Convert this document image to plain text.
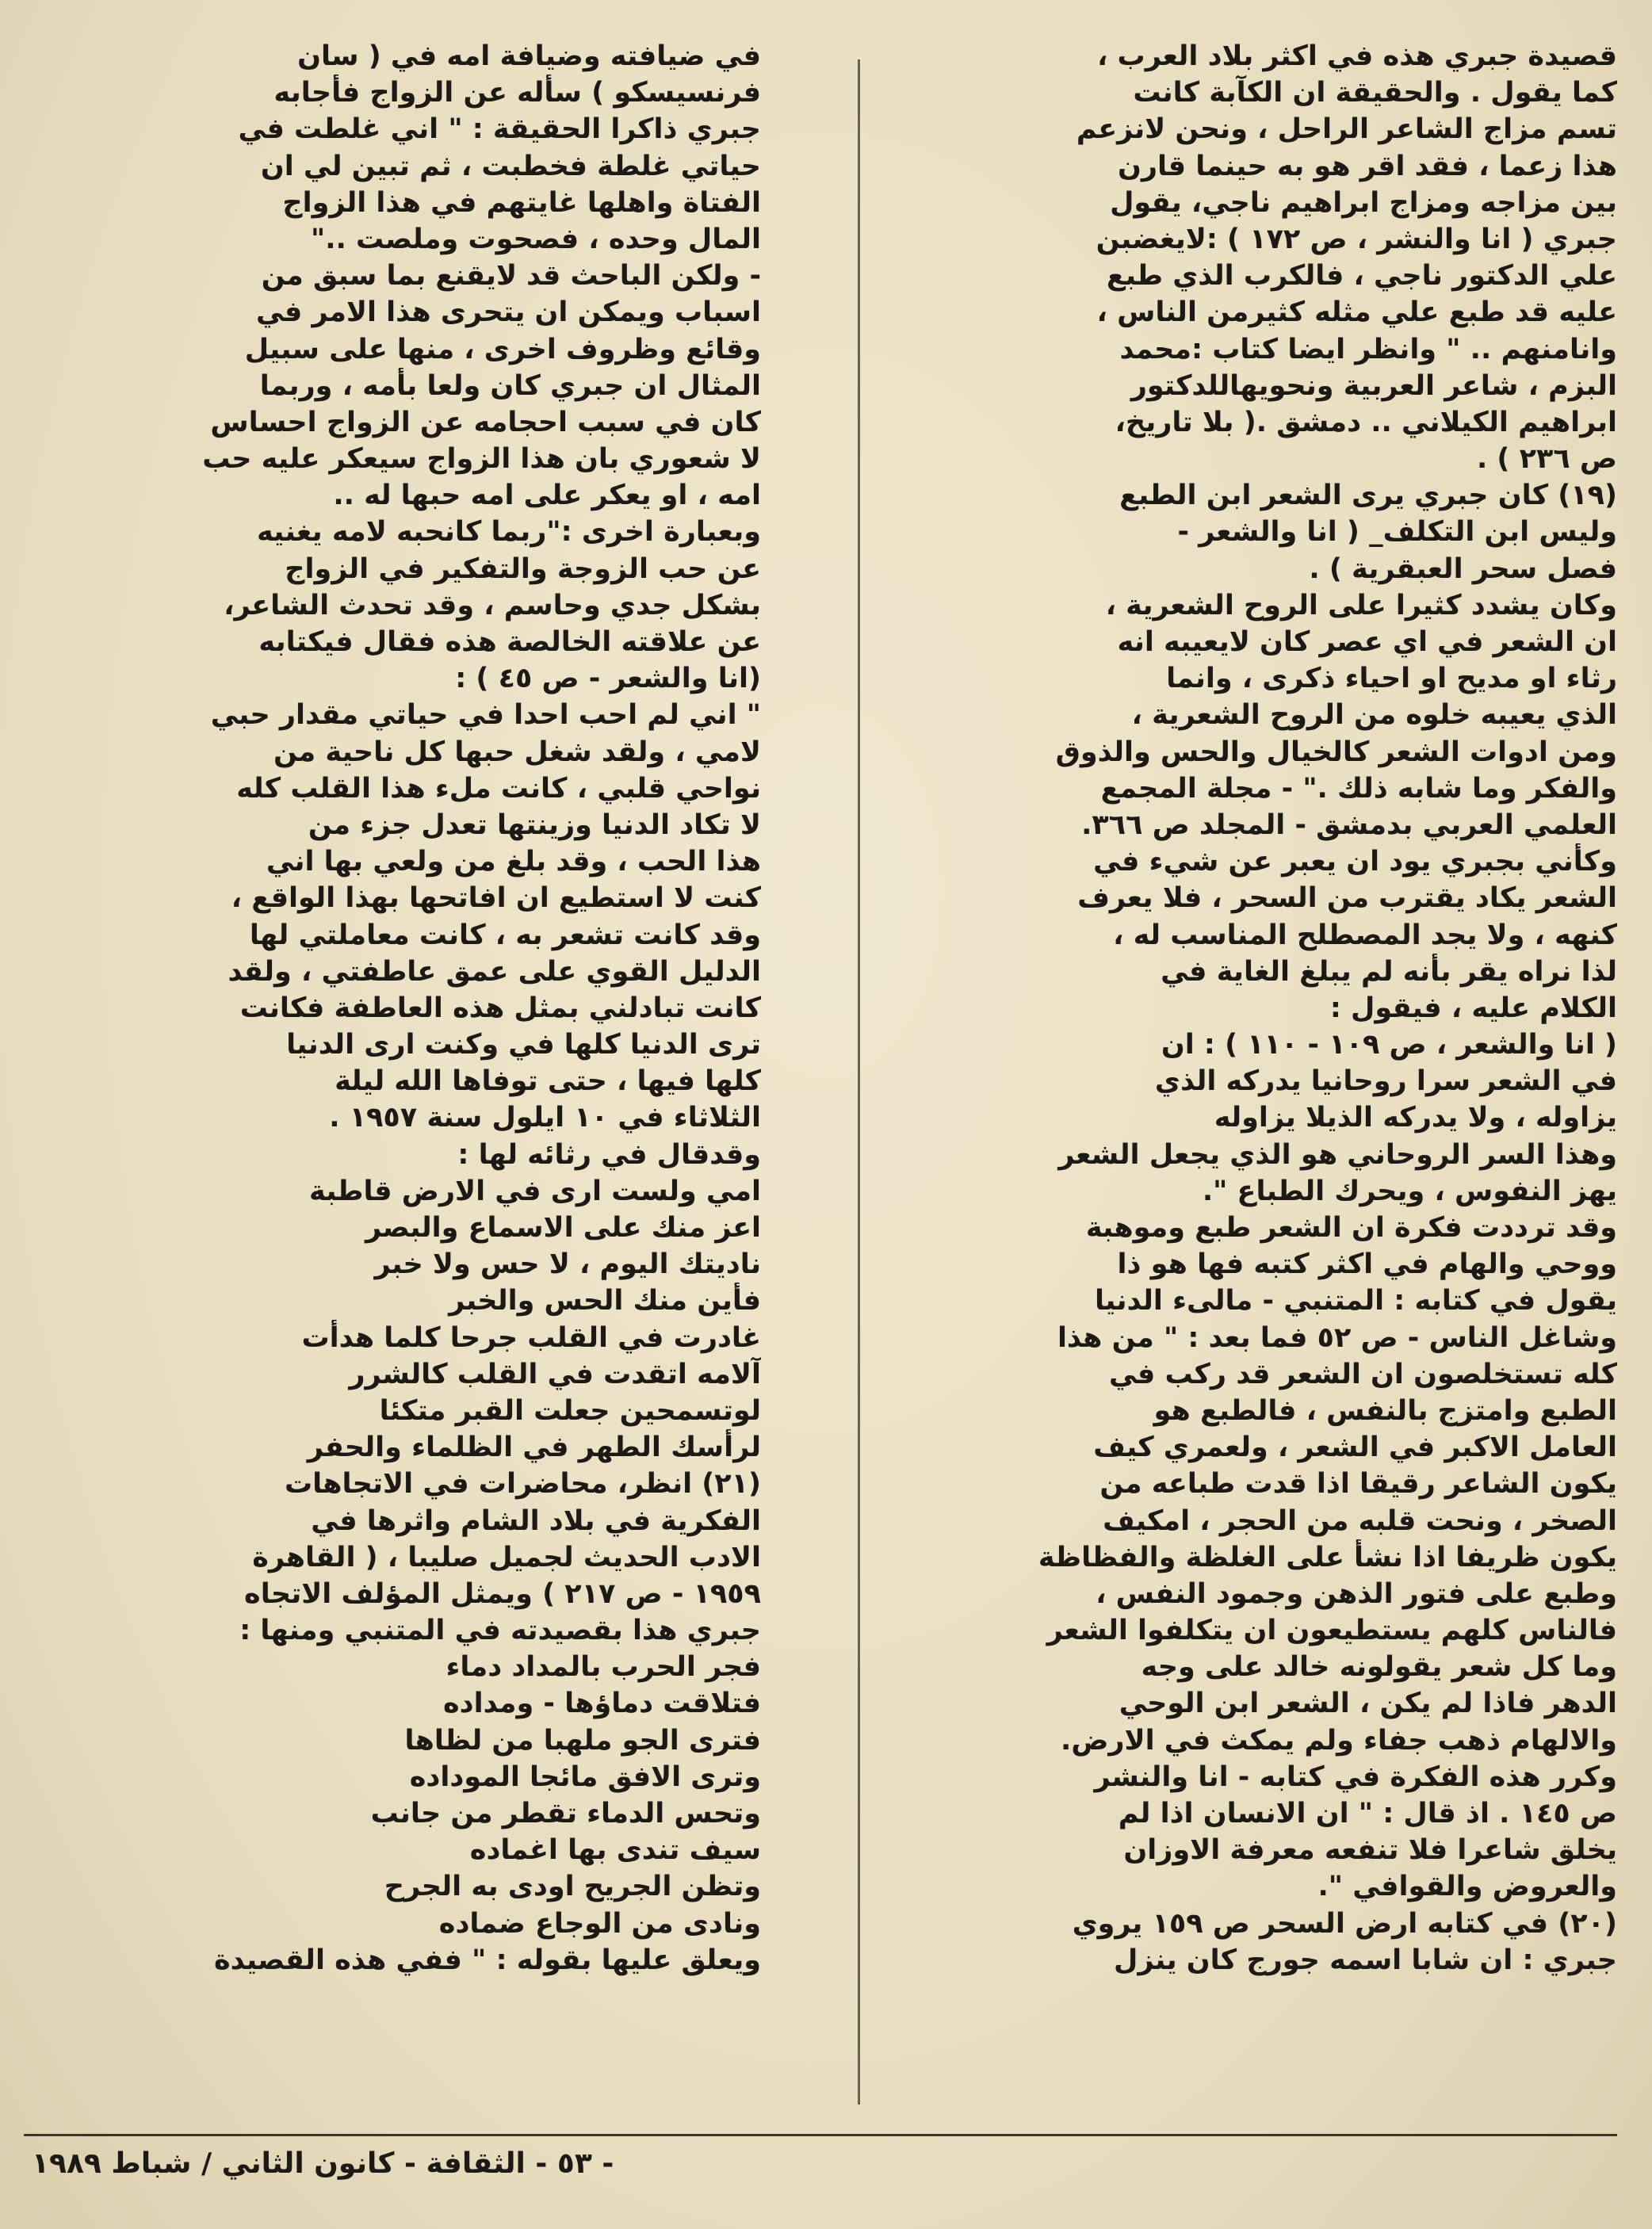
قصيدة جبري هذه في اكثر بلاد العرب ،
كما يقول . والحقيقة ان الكآبة كانت
تسم مزاج الشاعر الراحل ، ونحن لانزعم
هذا زعما ، فقد اقر هو به حينما قارن
بين مزاجه ومزاج ابراهيم ناجي، يقول
جبري ( انا والنشر ، ص ١٧٢ ) :لايغضبن
علي الدكتور ناجي ، فالكرب الذي طبع
عليه قد طبع علي مثله كثيرمن الناس ،
وانامنهم .. " وانظر ايضا كتاب :محمد
البزم ، شاعر العربية ونحويهاللدكتور
ابراهيم الكيلاني .. دمشق .( بلا تاريخ،
ص ٢٣٦ ) .
(١٩) كان جبري يرى الشعر ابن الطبع
وليس ابن التكلف_ ( انا والشعر -
فصل سحر العبقرية ) .
وكان يشدد كثيرا على الروح الشعرية ،
ان الشعر في اي عصر كان لايعيبه انه
رثاء او مديح او احياء ذكرى ، وانما
الذي يعيبه خلوه من الروح الشعرية ،
ومن ادوات الشعر كالخيال والحس والذوق
والفكر وما شابه ذلك ." - مجلة المجمع
العلمي العربي بدمشق - المجلد ص ٣٦٦.
وكأني بجبري يود ان يعبر عن شيء في
الشعر يكاد يقترب من السحر ، فلا يعرف
كنهه ، ولا يجد المصطلح المناسب له ،
لذا نراه يقر بأنه لم يبلغ الغاية في
الكلام عليه ، فيقول :
( انا والشعر ، ص ١٠٩ - ١١٠ ) : ان
في الشعر سرا روحانيا يدركه الذي
يزاوله ، ولا يدركه الذيلا يزاوله
وهذا السر الروحاني هو الذي يجعل الشعر
يهز النفوس ، ويحرك الطباع ".
وقد ترددت فكرة ان الشعر طبع وموهبة
ووحي والهام في اكثر كتبه فها هو ذا
يقول في كتابه : المتنبي - مالىء الدنيا
وشاغل الناس - ص ٥٢ فما بعد : " من هذا
كله تستخلصون ان الشعر قد ركب في
الطبع وامتزج بالنفس ، فالطبع هو
العامل الاكبر في الشعر ، ولعمري كيف
يكون الشاعر رقيقا اذا قدت طباعه من
الصخر ، ونحت قلبه من الحجر ، امكيف
يكون ظريفا اذا نشأ على الغلظة والفظاظة
وطبع على فتور الذهن وجمود النفس ،
فالناس كلهم يستطيعون ان يتكلفوا الشعر
وما كل شعر يقولونه خالد على وجه
الدهر فاذا لم يكن ، الشعر ابن الوحي
والالهام ذهب جفاء ولم يمكث في الارض.
وكرر هذه الفكرة في كتابه - انا والنشر
ص ١٤٥ . اذ قال : " ان الانسان اذا لم
يخلق شاعرا فلا تنفعه معرفة الاوزان
والعروض والقوافي ".
(٢٠) في كتابه ارض السحر ص ١٥٩ يروي
جبري : ان شابا اسمه جورج كان ينزل
في ضيافته وضيافة امه في ( سان
فرنسيسكو ) سأله عن الزواج فأجابه
جبري ذاكرا الحقيقة : " اني غلطت في
حياتي غلطة فخطبت ، ثم تبين لي ان
الفتاة واهلها غايتهم في هذا الزواج
المال وحده ، فصحوت وملصت .."
- ولكن الباحث قد لايقنع بما سبق من
اسباب ويمكن ان يتحرى هذا الامر في
وقائع وظروف اخرى ، منها على سبيل
المثال ان جبري كان ولعا بأمه ، وربما
كان في سبب احجامه عن الزواج احساس
لا شعوري بان هذا الزواج سيعكر عليه حب
امه ، او يعكر على امه حبها له ..
وبعبارة اخرى :"ربما كانحبه لامه يغنيه
عن حب الزوجة والتفكير في الزواج
بشكل جدي وحاسم ، وقد تحدث الشاعر،
عن علاقته الخالصة هذه فقال فيكتابه
(انا والشعر - ص ٤٥ ) :
" اني لم احب احدا في حياتي مقدار حبي
لامي ، ولقد شغل حبها كل ناحية من
نواحي قلبي ، كانت ملء هذا القلب كله
لا تكاد الدنيا وزينتها تعدل جزء من
هذا الحب ، وقد بلغ من ولعي بها اني
كنت لا استطيع ان افاتحها بهذا الواقع ،
وقد كانت تشعر به ، كانت معاملتي لها
الدليل القوي على عمق عاطفتي ، ولقد
كانت تبادلني بمثل هذه العاطفة فكانت
ترى الدنيا كلها في وكنت ارى الدنيا
كلها فيها ، حتى توفاها الله ليلة
الثلاثاء في ١٠ ايلول سنة ١٩٥٧ .
وقدقال في رثائه لها :
امي ولست ارى في الارض قاطبة
اعز منك على الاسماع والبصر
ناديتك اليوم ، لا حس ولا خبر
فأين منك الحس والخبر
غادرت في القلب جرحا كلما هدأت
آلامه اتقدت في القلب كالشرر
لوتسمحين جعلت القبر متكئا
لرأسك الطهر في الظلماء والحفر
(٢١) انظر، محاضرات في الاتجاهات
الفكرية في بلاد الشام واثرها في
الادب الحديث لجميل صليبا ، ( القاهرة
١٩٥٩ - ص ٢١٧ ) ويمثل المؤلف الاتجاه
جبري هذا بقصيدته في المتنبي ومنها :
فجر الحرب بالمداد دماء
فتلاقت دماؤها - ومداده
فترى الجو ملهبا من لظاها
وترى الافق مائجا الموداده
وتحس الدماء تقطر من جانب
سيف تندى بها اغماده
وتظن الجريح اودى به الجرح
ونادى من الوجاع ضماده
ويعلق عليها بقوله : " ففي هذه القصيدة
- ٥٣ - الثقافة - كانون الثاني / شباط ١٩٨٩
